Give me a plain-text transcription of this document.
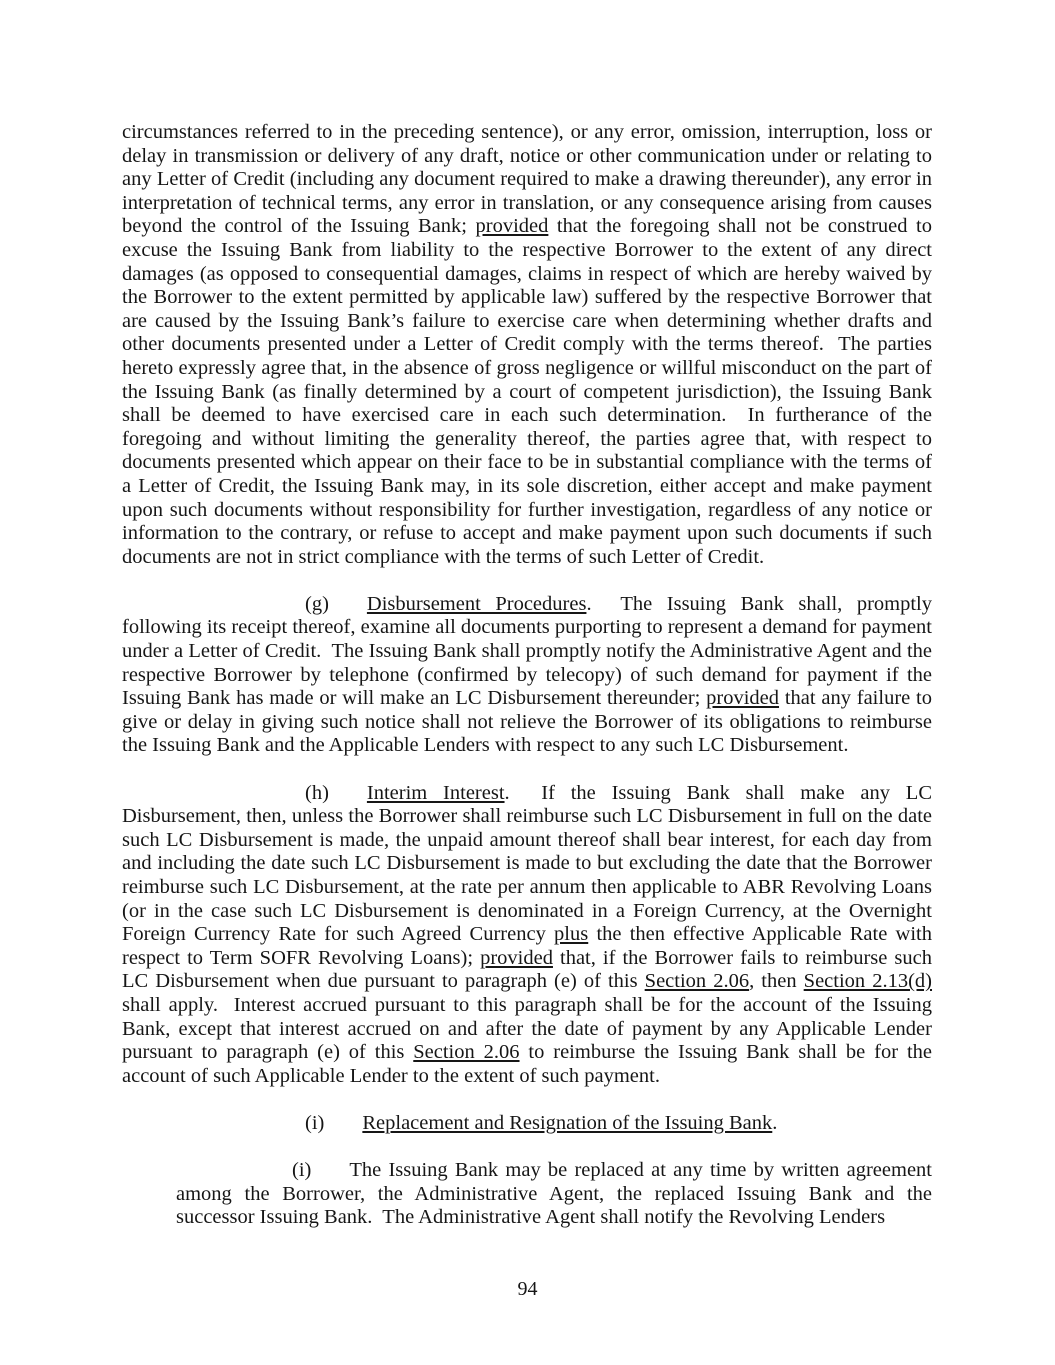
circumstances referred to in the preceding sentence), or any error, omission, interruption, loss or delay in transmission or delivery of any draft, notice or other communication under or relating to any Letter of Credit (including any document required to make a drawing thereunder), any error in interpretation of technical terms, any error in translation, or any consequence arising from causes beyond the control of the Issuing Bank; provided that the foregoing shall not be construed to excuse the Issuing Bank from liability to the respective Borrower to the extent of any direct damages (as opposed to consequential damages, claims in respect of which are hereby waived by the Borrower to the extent permitted by applicable law) suffered by the respective Borrower that are caused by the Issuing Bank’s failure to exercise care when determining whether drafts and other documents presented under a Letter of Credit comply with the terms thereof.  The parties hereto expressly agree that, in the absence of gross negligence or willful misconduct on the part of the Issuing Bank (as finally determined by a court of competent jurisdiction), the Issuing Bank shall be deemed to have exercised care in each such determination.  In furtherance of the foregoing and without limiting the generality thereof, the parties agree that, with respect to documents presented which appear on their face to be in substantial compliance with the terms of a Letter of Credit, the Issuing Bank may, in its sole discretion, either accept and make payment upon such documents without responsibility for further investigation, regardless of any notice or information to the contrary, or refuse to accept and make payment upon such documents if such documents are not in strict compliance with the terms of such Letter of Credit.

(g) Disbursement Procedures.  The Issuing Bank shall, promptly following its receipt thereof, examine all documents purporting to represent a demand for payment under a Letter of Credit.  The Issuing Bank shall promptly notify the Administrative Agent and the respective Borrower by telephone (confirmed by telecopy) of such demand for payment if the Issuing Bank has made or will make an LC Disbursement thereunder; provided that any failure to give or delay in giving such notice shall not relieve the Borrower of its obligations to reimburse the Issuing Bank and the Applicable Lenders with respect to any such LC Disbursement.

(h) Interim Interest.  If the Issuing Bank shall make any LC Disbursement, then, unless the Borrower shall reimburse such LC Disbursement in full on the date such LC Disbursement is made, the unpaid amount thereof shall bear interest, for each day from and including the date such LC Disbursement is made to but excluding the date that the Borrower reimburse such LC Disbursement, at the rate per annum then applicable to ABR Revolving Loans (or in the case such LC Disbursement is denominated in a Foreign Currency, at the Overnight Foreign Currency Rate for such Agreed Currency plus the then effective Applicable Rate with respect to Term SOFR Revolving Loans); provided that, if the Borrower fails to reimburse such LC Disbursement when due pursuant to paragraph (e) of this Section 2.06, then Section 2.13(d) shall apply.  Interest accrued pursuant to this paragraph shall be for the account of the Issuing Bank, except that interest accrued on and after the date of payment by any Applicable Lender pursuant to paragraph (e) of this Section 2.06 to reimburse the Issuing Bank shall be for the account of such Applicable Lender to the extent of such payment.

(i) Replacement and Resignation of the Issuing Bank.

(i) The Issuing Bank may be replaced at any time by written agreement among the Borrower, the Administrative Agent, the replaced Issuing Bank and the successor Issuing Bank.  The Administrative Agent shall notify the Revolving Lenders

94
